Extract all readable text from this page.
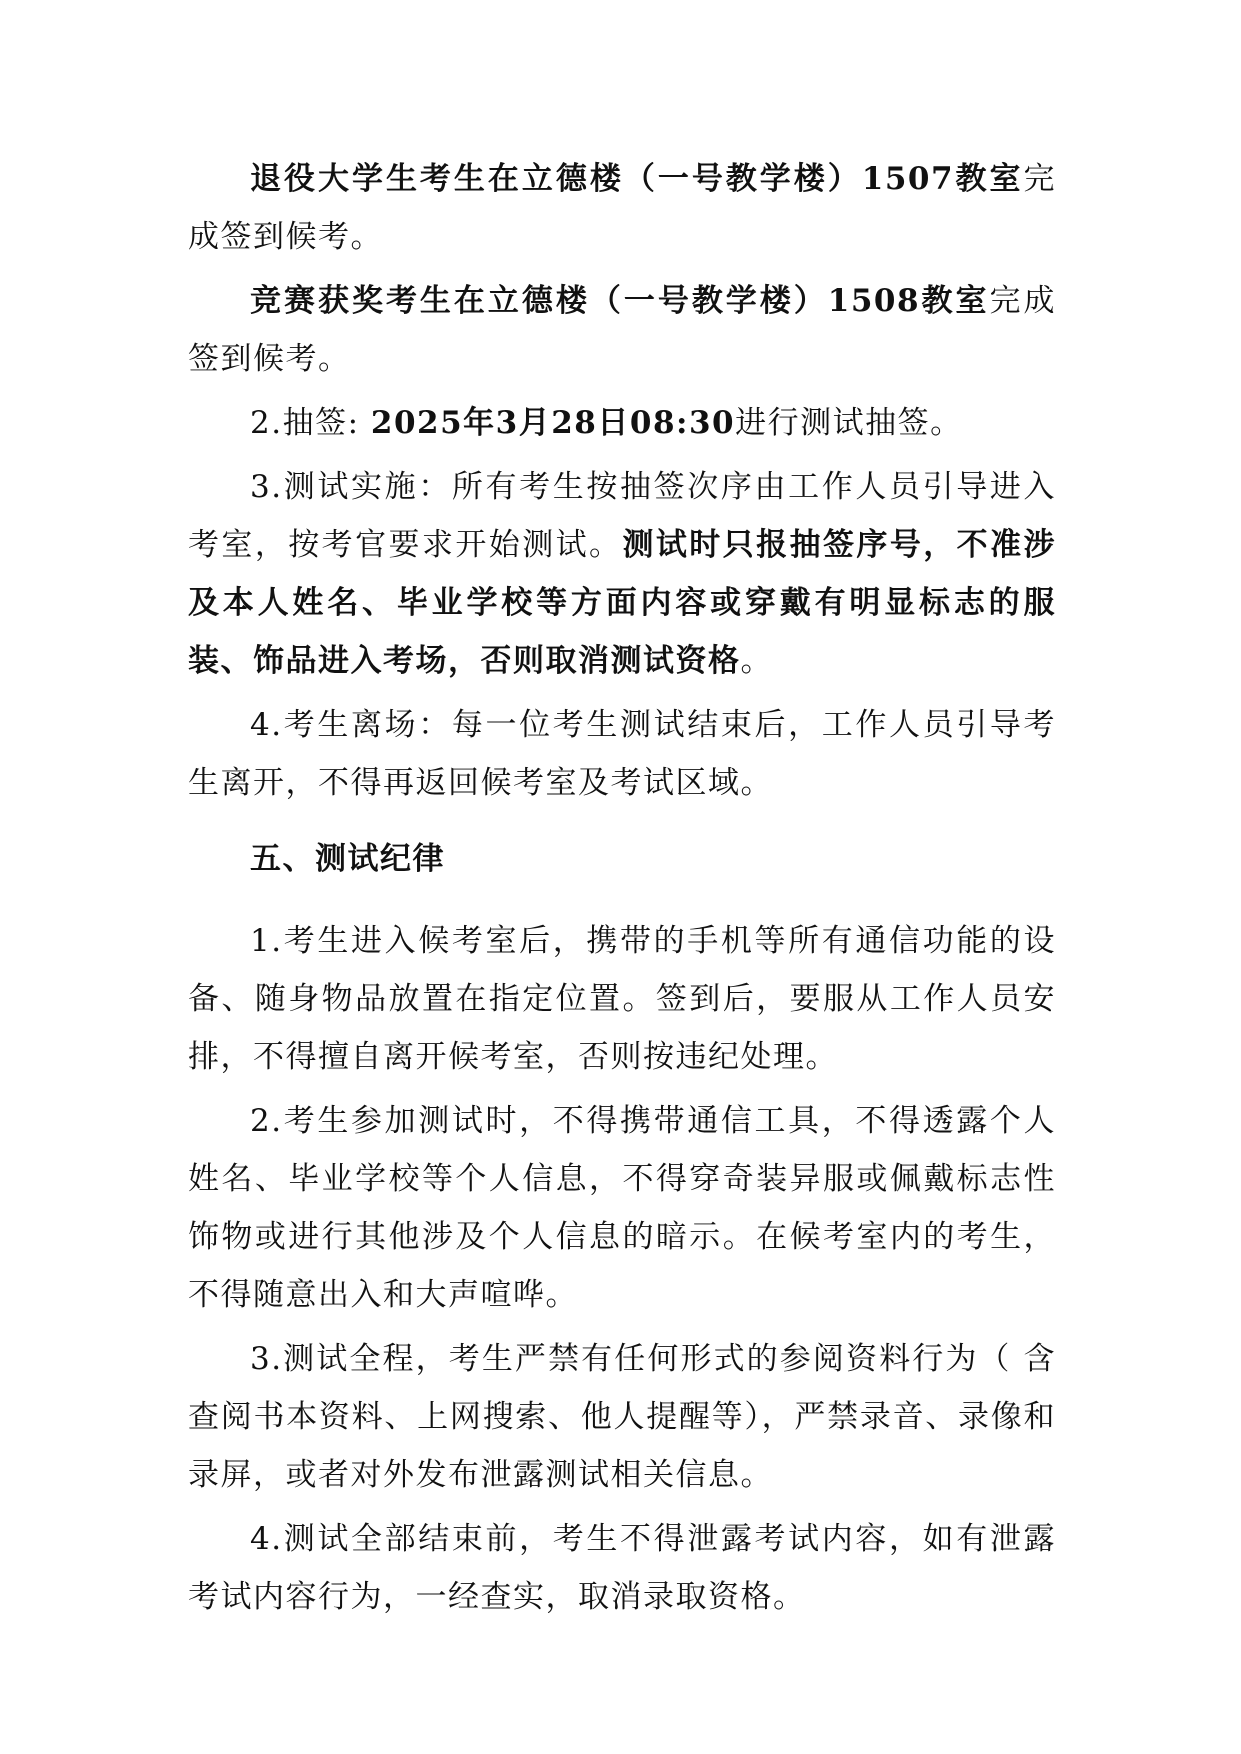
退役大学生考生在立德楼（一号教学楼）1507教室完成签到候考。

竞赛获奖考生在立德楼（一号教学楼）1508教室完成签到候考。

2.抽签: 2025年3月28日08:30进行测试抽签。

3.测试实施：所有考生按抽签次序由工作人员引导进入考室，按考官要求开始测试。测试时只报抽签序号，不准涉及本人姓名、毕业学校等方面内容或穿戴有明显标志的服装、饰品进入考场，否则取消测试资格。

4.考生离场：每一位考生测试结束后，工作人员引导考生离开，不得再返回候考室及考试区域。

五、测试纪律

1.考生进入候考室后，携带的手机等所有通信功能的设备、随身物品放置在指定位置。签到后，要服从工作人员安排，不得擅自离开候考室，否则按违纪处理。

2.考生参加测试时，不得携带通信工具，不得透露个人姓名、毕业学校等个人信息，不得穿奇装异服或佩戴标志性饰物或进行其他涉及个人信息的暗示。在候考室内的考生，不得随意出入和大声喧哗。

3.测试全程，考生严禁有任何形式的参阅资料行为（ 含查阅书本资料、上网搜索、他人提醒等），严禁录音、录像和录屏，或者对外发布泄露测试相关信息。

4.测试全部结束前，考生不得泄露考试内容，如有泄露考试内容行为，一经查实，取消录取资格。
